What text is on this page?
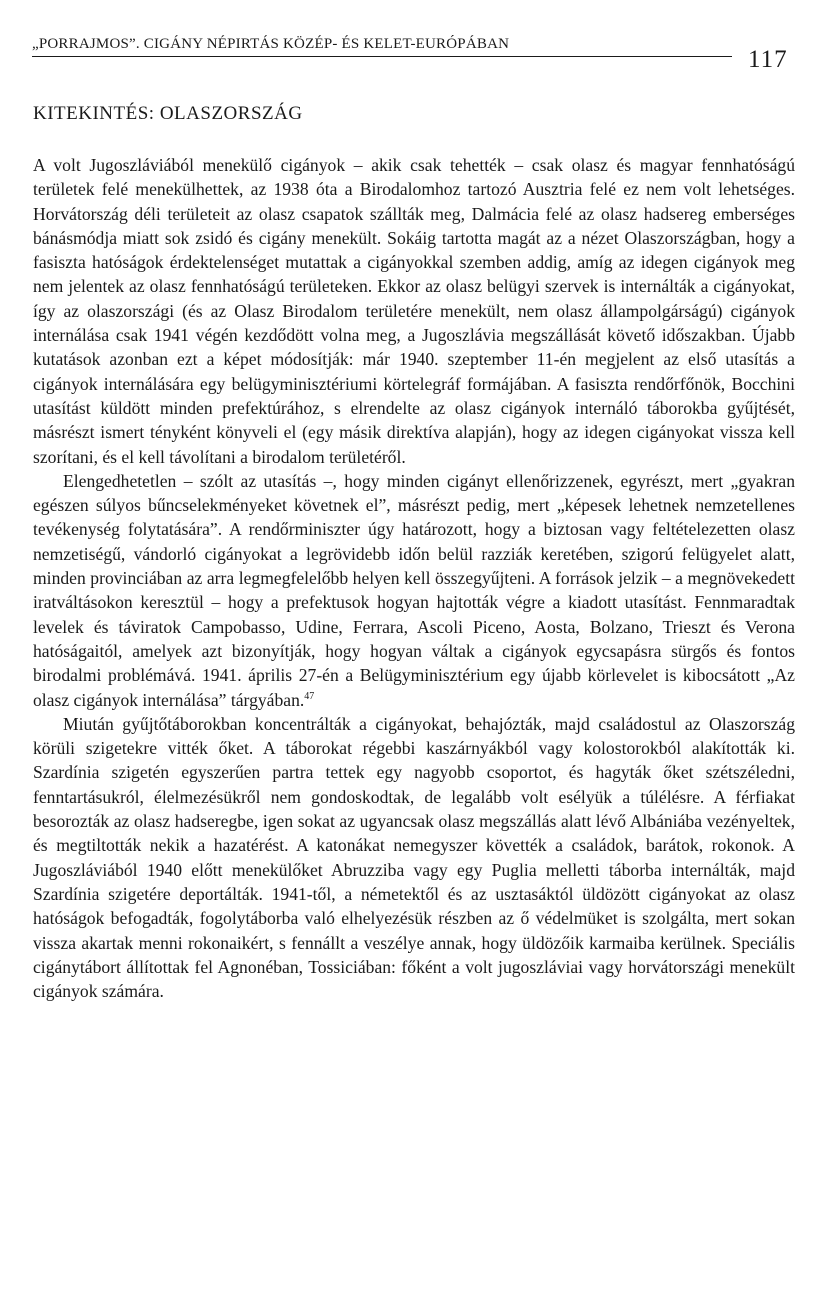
„PORRAJMOS”. CIGÁNY NÉPIRTÁS KÖZÉP- ÉS KELET-EURÓPÁBAN
117
KITEKINTÉS: OLASZORSZÁG

A volt Jugoszláviából menekülő cigányok – akik csak tehették – csak olasz és magyar fennhatóságú területek felé menekülhettek, az 1938 óta a Birodalomhoz tartozó Ausztria felé ez nem volt lehetséges. Horvátország déli területeit az olasz csapatok szállták meg, Dalmácia felé az olasz hadsereg emberséges bánásmódja miatt sok zsidó és cigány menekült. Sokáig tartotta magát az a nézet Olaszországban, hogy a fasiszta hatóságok érdektelenséget mutattak a cigányokkal szemben addig, amíg az idegen cigányok meg nem jelentek az olasz fennhatóságú területeken. Ekkor az olasz belügyi szervek is internálták a cigányokat, így az olaszországi (és az Olasz Birodalom területére menekült, nem olasz állampolgárságú) cigányok internálása csak 1941 végén kezdődött volna meg, a Jugoszlávia megszállását követő időszakban. Újabb kutatások azonban ezt a képet módosítják: már 1940. szeptember 11-én megjelent az első utasítás a cigányok internálására egy belügyminisztériumi körtelegráf formájában. A fasiszta rendőrfőnök, Bocchini utasítást küldött minden prefektúrához, s elrendelte az olasz cigányok internáló táborokba gyűjtését, másrészt ismert tényként könyveli el (egy másik direktíva alapján), hogy az idegen cigányokat vissza kell szorítani, és el kell távolítani a birodalom területéről.

Elengedhetetlen – szólt az utasítás –, hogy minden cigányt ellenőrizzenek, egyrészt, mert „gyakran egészen súlyos bűncselekményeket követnek el”, másrészt pedig, mert „képesek lehetnek nemzetellenes tevékenység folytatására”. A rendőrminiszter úgy határozott, hogy a biztosan vagy feltételezetten olasz nemzetiségű, vándorló cigányokat a legrövidebb időn belül razziák keretében, szigorú felügyelet alatt, minden provinciában az arra legmegfelelőbb helyen kell összegyűjteni. A források jelzik – a megnövekedett iratváltásokon keresztül – hogy a prefektusok hogyan hajtották végre a kiadott utasítást. Fennmaradtak levelek és táviratok Campobasso, Udine, Ferrara, Ascoli Piceno, Aosta, Bolzano, Trieszt és Verona hatóságaitól, amelyek azt bizonyítják, hogy hogyan váltak a cigányok egycsapásra sürgős és fontos birodalmi problémává. 1941. április 27-én a Belügyminisztérium egy újabb körlevelet is kibocsátott „Az olasz cigányok internálása” tárgyában.$^{47}$

Miután gyűjtőtáborokban koncentrálták a cigányokat, behajózták, majd családostul az Olaszország körüli szigetekre vitték őket. A táborokat régebbi kaszárnyákból vagy kolostorokból alakították ki. Szardínia szigetén egyszerűen partra tettek egy nagyobb csoportot, és hagyták őket szétszéledni, fenntartásukról, élelmezésükről nem gondoskodtak, de legalább volt esélyük a túlélésre. A férfiakat besorozták az olasz hadseregbe, igen sokat az ugyancsak olasz megszállás alatt lévő Albániába vezényeltek, és megtiltották nekik a hazatérést. A katonákat nemegyszer követték a családok, barátok, rokonok. A Jugoszláviából 1940 előtt menekülőket Abruzziba vagy egy Puglia melletti táborba internálták, majd Szardínia szigetére deportálták. 1941-től, a németektől és az usztasáktól üldözött cigányokat az olasz hatóságok befogadták, fogolytáborba való elhelyezésük részben az ő védelmüket is szolgálta, mert sokan vissza akartak menni rokonaikért, s fennállt a veszélye annak, hogy üldözőik karmaiba kerülnek. Speciális cigánytábort állítottak fel Agnonéban, Tossiciában: főként a volt jugoszláviai vagy horvátországi menekült cigányok számára.
